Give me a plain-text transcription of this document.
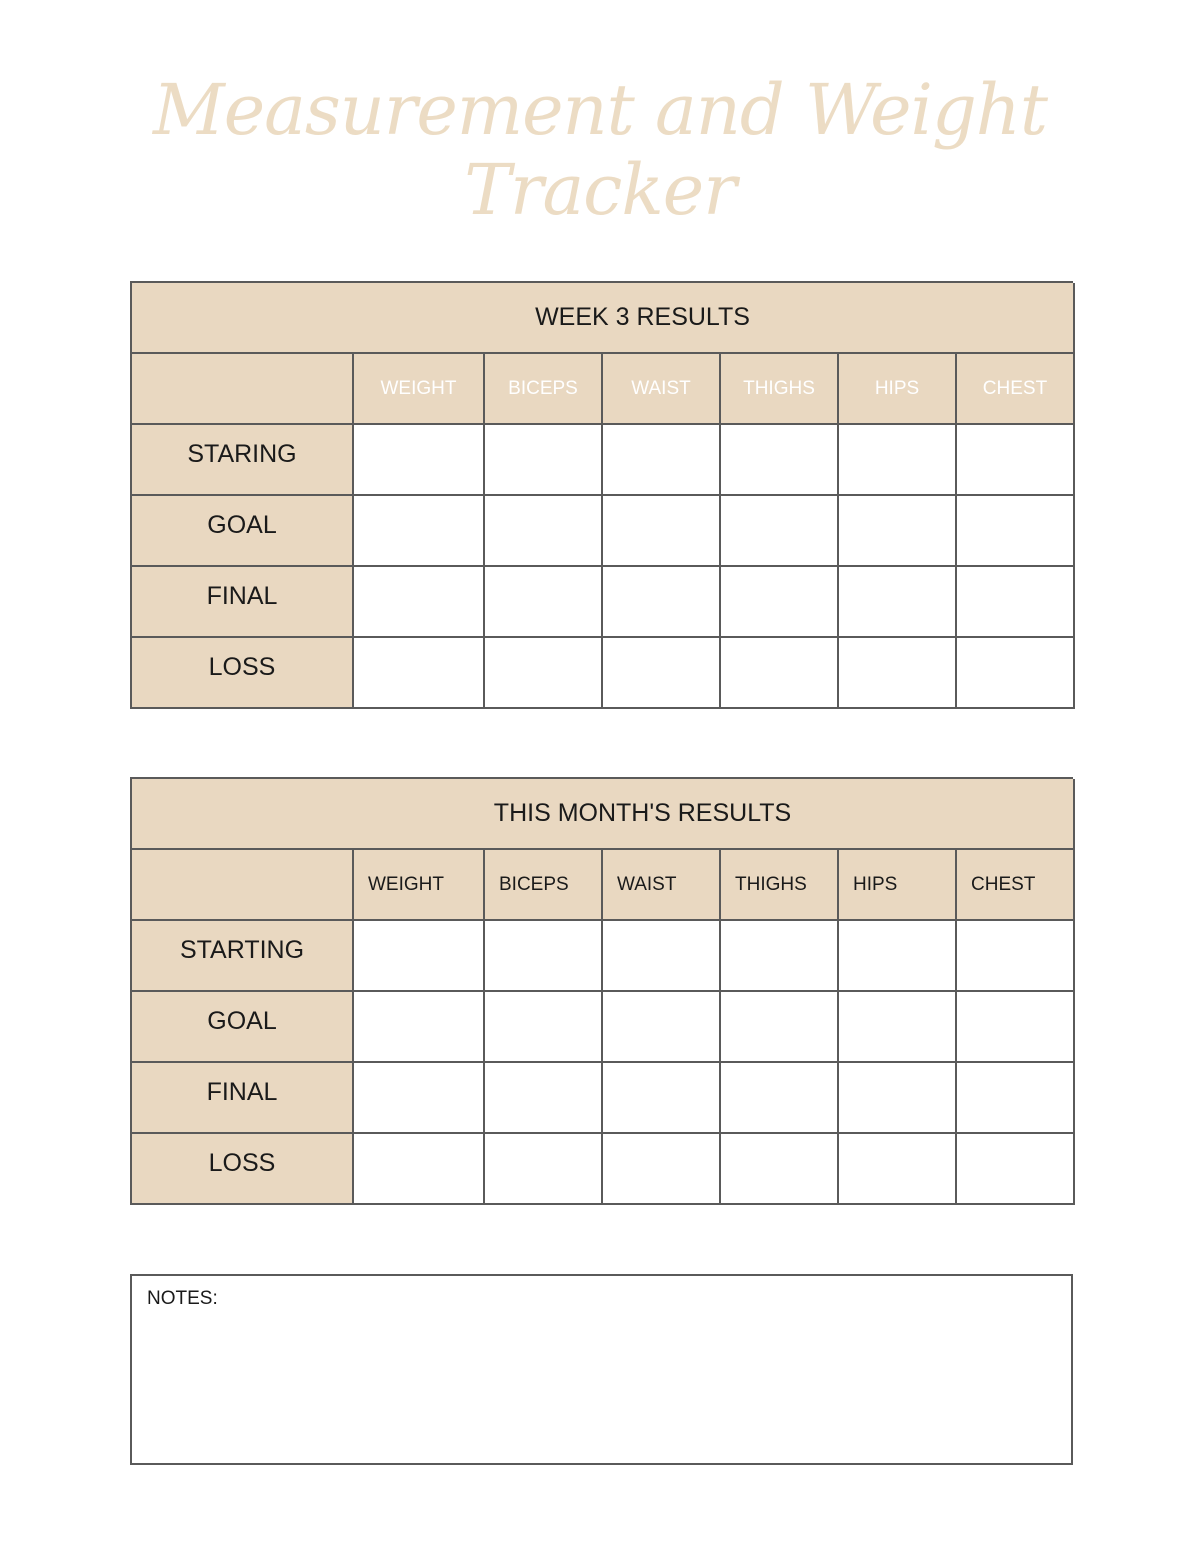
Measurement and Weight
Tracker
WEEK 3 RESULTS
WEIGHT	BICEPS	WAIST	THIGHS	HIPS	CHEST
STARING
GOAL
FINAL
LOSS
THIS MONTH'S RESULTS
WEIGHT	BICEPS	WAIST	THIGHS	HIPS	CHEST
STARTING
GOAL
FINAL
LOSS
NOTES:
